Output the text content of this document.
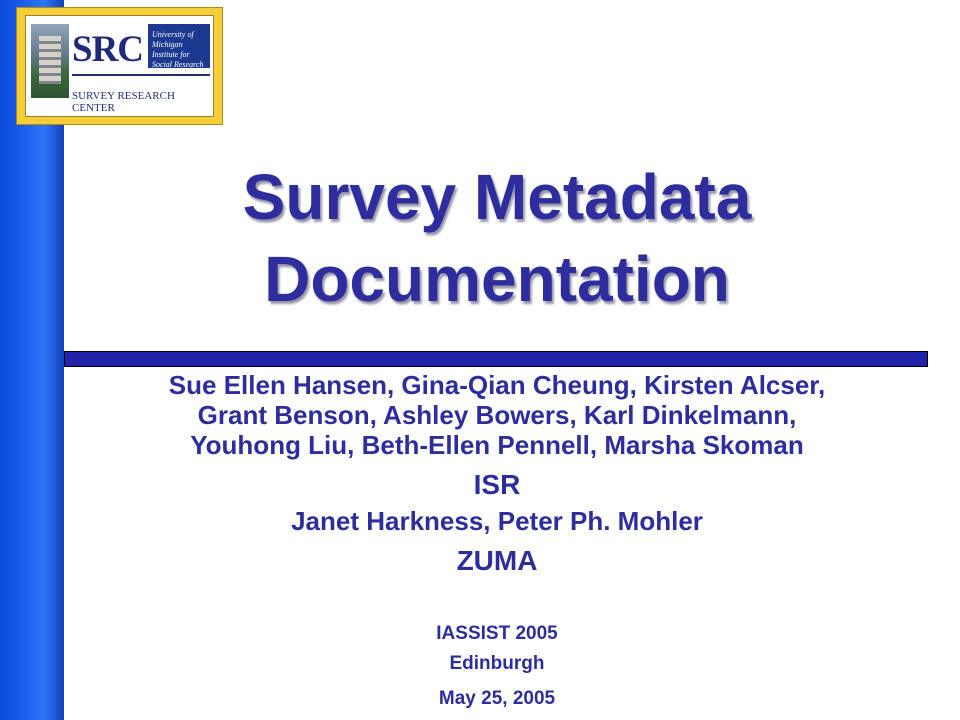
SRC	University of Michigan Institute for Social Research
SURVEY RESEARCH CENTER
Survey Metadata
Documentation
Sue Ellen Hansen, Gina-Qian Cheung, Kirsten Alcser,
Grant Benson, Ashley Bowers, Karl Dinkelmann,
Youhong Liu, Beth-Ellen Pennell, Marsha Skoman
ISR
Janet Harkness, Peter Ph. Mohler
ZUMA
IASSIST 2005
Edinburgh
May 25, 2005
